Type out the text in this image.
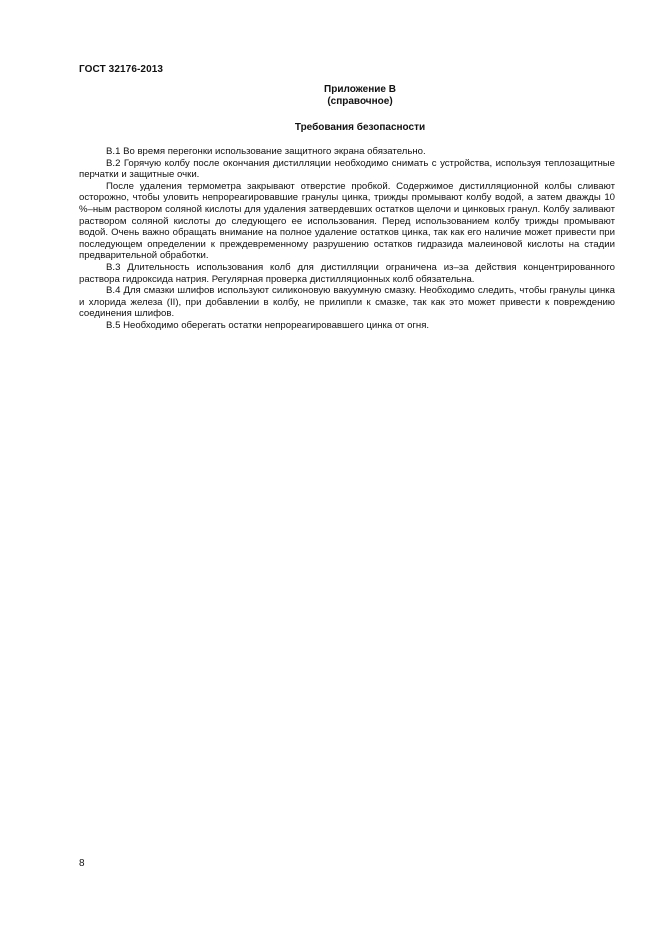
ГОСТ 32176-2013
Приложение В
(справочное)
Требования безопасности

В.1 Во время перегонки использование защитного экрана обязательно.

В.2 Горячую колбу после окончания дистилляции необходимо снимать с устройства, используя теплозащитные перчатки и защитные очки.

После удаления термометра закрывают отверстие пробкой. Содержимое дистилляционной колбы сливают осторожно, чтобы уловить непрореагировавшие гранулы цинка, трижды промывают колбу водой, а затем дважды 10 %–ным раствором соляной кислоты для удаления затвердевших остатков щелочи и цинковых гранул. Колбу заливают раствором соляной кислоты до следующего ее использования. Перед использованием колбу трижды промывают водой. Очень важно обращать внимание на полное удаление остатков цинка, так как его наличие может привести при последующем определении к преждевременному разрушению остатков гидразида малеиновой кислоты на стадии предварительной обработки.

В.3 Длительность использования колб для дистилляции ограничена из–за действия концентрированного раствора гидроксида натрия. Регулярная проверка дистилляционных колб обязательна.

В.4 Для смазки шлифов используют силиконовую вакуумную смазку. Необходимо следить, чтобы гранулы цинка и хлорида железа (II), при добавлении в колбу, не прилипли к смазке, так как это может привести к повреждению соединения шлифов.

В.5 Необходимо оберегать остатки непрореагировавшего цинка от огня.

8
